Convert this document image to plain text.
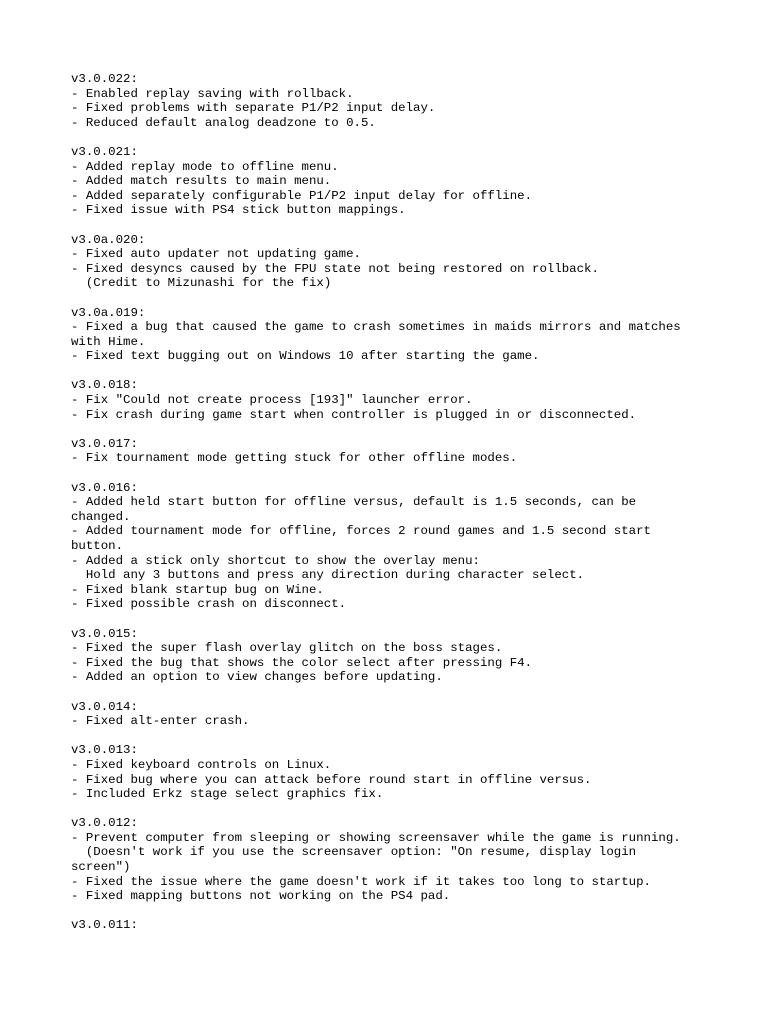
v3.0.022:
- Enabled replay saving with rollback.
- Fixed problems with separate P1/P2 input delay.
- Reduced default analog deadzone to 0.5.
v3.0.021:
- Added replay mode to offline menu.
- Added match results to main menu.
- Added separately configurable P1/P2 input delay for offline.
- Fixed issue with PS4 stick button mappings.
v3.0a.020:
- Fixed auto updater not updating game.
- Fixed desyncs caused by the FPU state not being restored on rollback.
(Credit to Mizunashi for the fix)
v3.0a.019:
- Fixed a bug that caused the game to crash sometimes in maids mirrors and matches with Hime.
- Fixed text bugging out on Windows 10 after starting the game.
v3.0.018:
- Fix "Could not create process [193]" launcher error.
- Fix crash during game start when controller is plugged in or disconnected.
v3.0.017:
- Fix tournament mode getting stuck for other offline modes.
v3.0.016:
- Added held start button for offline versus, default is 1.5 seconds, can be changed.
- Added tournament mode for offline, forces 2 round games and 1.5 second start button.
- Added a stick only shortcut to show the overlay menu:
Hold any 3 buttons and press any direction during character select.
- Fixed blank startup bug on Wine.
- Fixed possible crash on disconnect.
v3.0.015:
- Fixed the super flash overlay glitch on the boss stages.
- Fixed the bug that shows the color select after pressing F4.
- Added an option to view changes before updating.
v3.0.014:
- Fixed alt-enter crash.
v3.0.013:
- Fixed keyboard controls on Linux.
- Fixed bug where you can attack before round start in offline versus.
- Included Erkz stage select graphics fix.
v3.0.012:
- Prevent computer from sleeping or showing screensaver while the game is running.
(Doesn't work if you use the screensaver option: "On resume, display login screen")
- Fixed the issue where the game doesn't work if it takes too long to startup.
- Fixed mapping buttons not working on the PS4 pad.
v3.0.011:
